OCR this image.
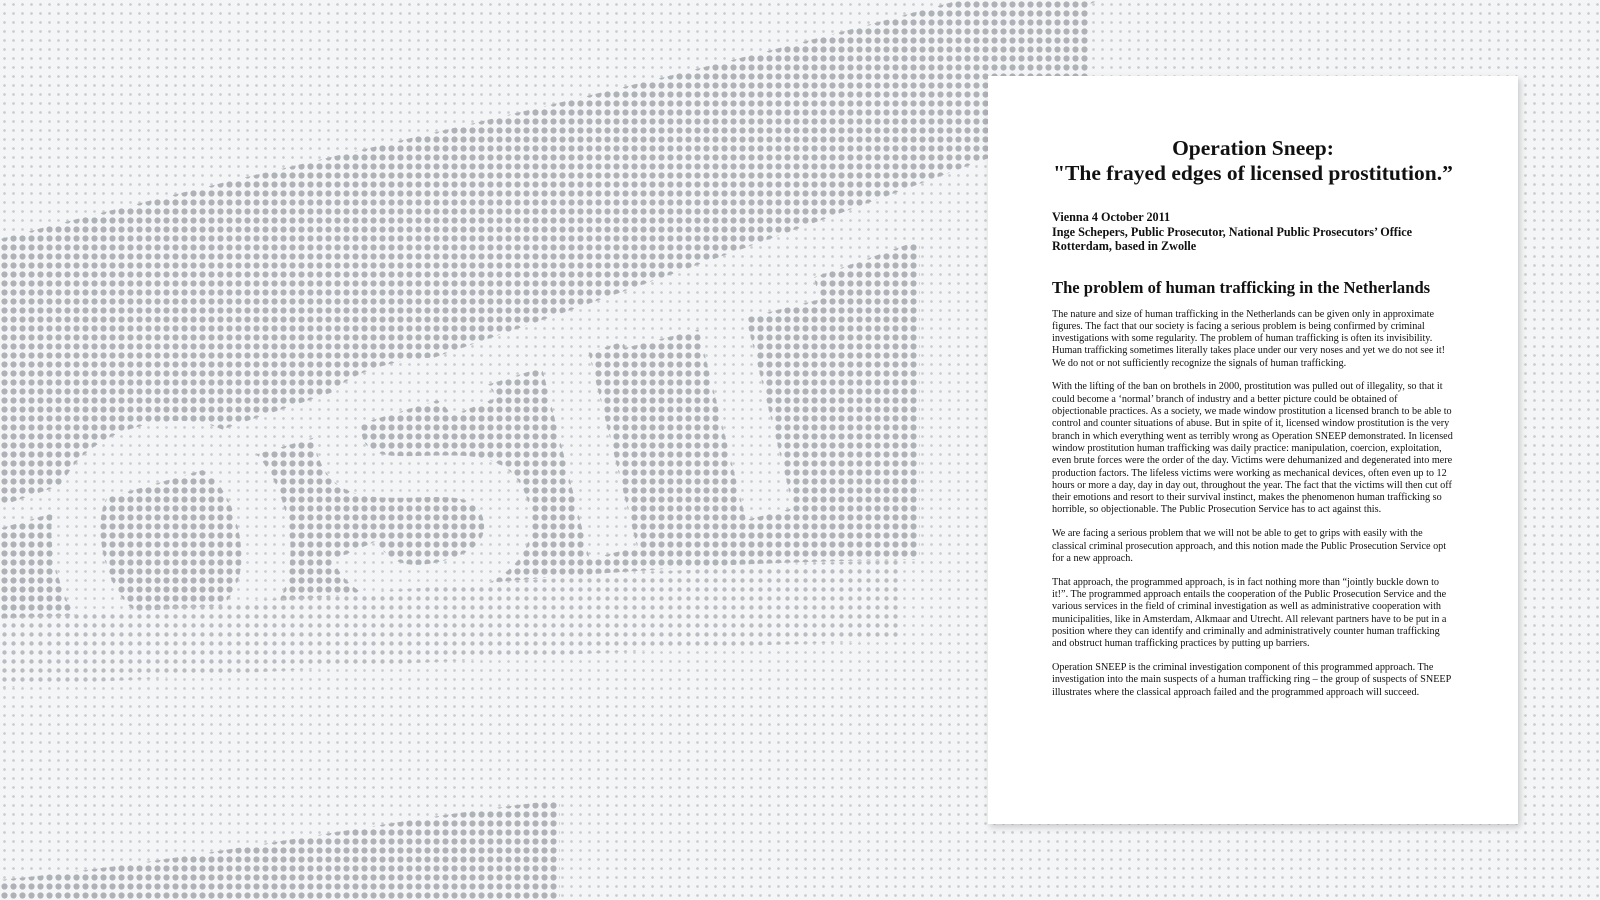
Operation Sneep:
"The frayed edges of licensed prostitution.”
Vienna 4 October 2011
Inge Schepers, Public Prosecutor, National Public Prosecutors’ Office
Rotterdam, based in Zwolle
The problem of human trafficking in the Netherlands

The nature and size of human trafficking in the Netherlands can be given only in approximate figures. The fact that our society is facing a serious problem is being confirmed by criminal investigations with some regularity. The problem of human trafficking is often its invisibility. Human trafficking sometimes literally takes place under our very noses and yet we do not see it! We do not or not sufficiently recognize the signals of human trafficking.

With the lifting of the ban on brothels in 2000, prostitution was pulled out of illegality, so that it could become a ‘normal’ branch of industry and a better picture could be obtained of objectionable practices. As a society, we made window prostitution a licensed branch to be able to control and counter situations of abuse. But in spite of it, licensed window prostitution is the very branch in which everything went as terribly wrong as Operation SNEEP demonstrated. In licensed window prostitution human trafficking was daily practice: manipulation, coercion, exploitation, even brute forces were the order of the day. Victims were dehumanized and degenerated into mere production factors. The lifeless victims were working as mechanical devices, often even up to 12 hours or more a day, day in day out, throughout the year. The fact that the victims will then cut off their emotions and resort to their survival instinct, makes the phenomenon human trafficking so horrible, so objectionable. The Public Prosecution Service has to act against this.

We are facing a serious problem that we will not be able to get to grips with easily with the classical criminal prosecution approach, and this notion made the Public Prosecution Service opt for a new approach.

That approach, the programmed approach, is in fact nothing more than “jointly buckle down to it!”. The programmed approach entails the cooperation of the Public Prosecution Service and the various services in the field of criminal investigation as well as administrative cooperation with municipalities, like in Amsterdam, Alkmaar and Utrecht. All relevant partners have to be put in a position where they can identify and criminally and administratively counter human trafficking and obstruct human trafficking practices by putting up barriers.

Operation SNEEP is the criminal investigation component of this programmed approach. The investigation into the main suspects of a human trafficking ring – the group of suspects of SNEEP illustrates where the classical approach failed and the programmed approach will succeed.
